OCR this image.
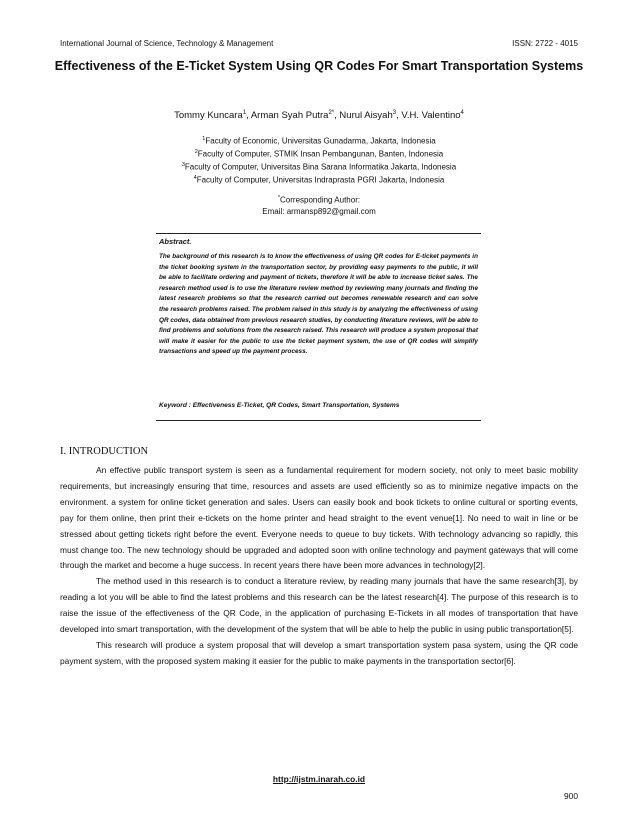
International Journal of Science, Technology & Management	ISSN: 2722 - 4015
Effectiveness of the E-Ticket System Using QR Codes For Smart Transportation Systems
Tommy Kuncara$^1$, Arman Syah Putra$^{2*}$, Nurul Aisyah$^3$, V.H. Valentino$^4$
$^1$Faculty of Economic, Universitas Gunadarma, Jakarta, Indonesia
$^2$Faculty of Computer, STMIK Insan Pembangunan, Banten, Indonesia
$^3$Faculty of Computer, Universitas Bina Sarana Informatika Jakarta, Indonesia
$^4$Faculty of Computer, Universitas Indraprasta PGRI Jakarta, Indonesia
*Corresponding Author:
Email: armansp892@gmail.com
Abstract.
The background of this research is to know the effectiveness of using QR codes for E-ticket payments in the ticket booking system in the transportation sector, by providing easy payments to the public, it will be able to facilitate ordering and payment of tickets, therefore it will be able to increase ticket sales. The research method used is to use the literature review method by reviewing many journals and finding the latest research problems so that the research carried out becomes renewable research and can solve the research problems raised. The problem raised in this study is by analyzing the effectiveness of using QR codes, data obtained from previous research studies, by conducting literature reviews, will be able to find problems and solutions from the research raised. This research will produce a system proposal that will make it easier for the public to use the ticket payment system, the use of QR codes will simplify transactions and speed up the payment process.
Keyword : Effectiveness E-Ticket, QR Codes, Smart Transportation, Systems
I. INTRODUCTION

An effective public transport system is seen as a fundamental requirement for modern society, not only to meet basic mobility requirements, but increasingly ensuring that time, resources and assets are used efficiently so as to minimize negative impacts on the environment. a system for online ticket generation and sales. Users can easily book and book tickets to online cultural or sporting events, pay for them online, then print their e-tickets on the home printer and head straight to the event venue[1]. No need to wait in line or be stressed about getting tickets right before the event. Everyone needs to queue to buy tickets. With technology advancing so rapidly, this must change too. The new technology should be upgraded and adopted soon with online technology and payment gateways that will come through the market and become a huge success. In recent years there have been more advances in technology[2].

The method used in this research is to conduct a literature review, by reading many journals that have the same research[3], by reading a lot you will be able to find the latest problems and this research can be the latest research[4]. The purpose of this research is to raise the issue of the effectiveness of the QR Code, in the application of purchasing E-Tickets in all modes of transportation that have developed into smart transportation, with the development of the system that will be able to help the public in using public transportation[5].

This research will produce a system proposal that will develop a smart transportation system pasa system, using the QR code payment system, with the proposed system making it easier for the public to make payments in the transportation sector[6].

http://ijstm.inarah.co.id
900
